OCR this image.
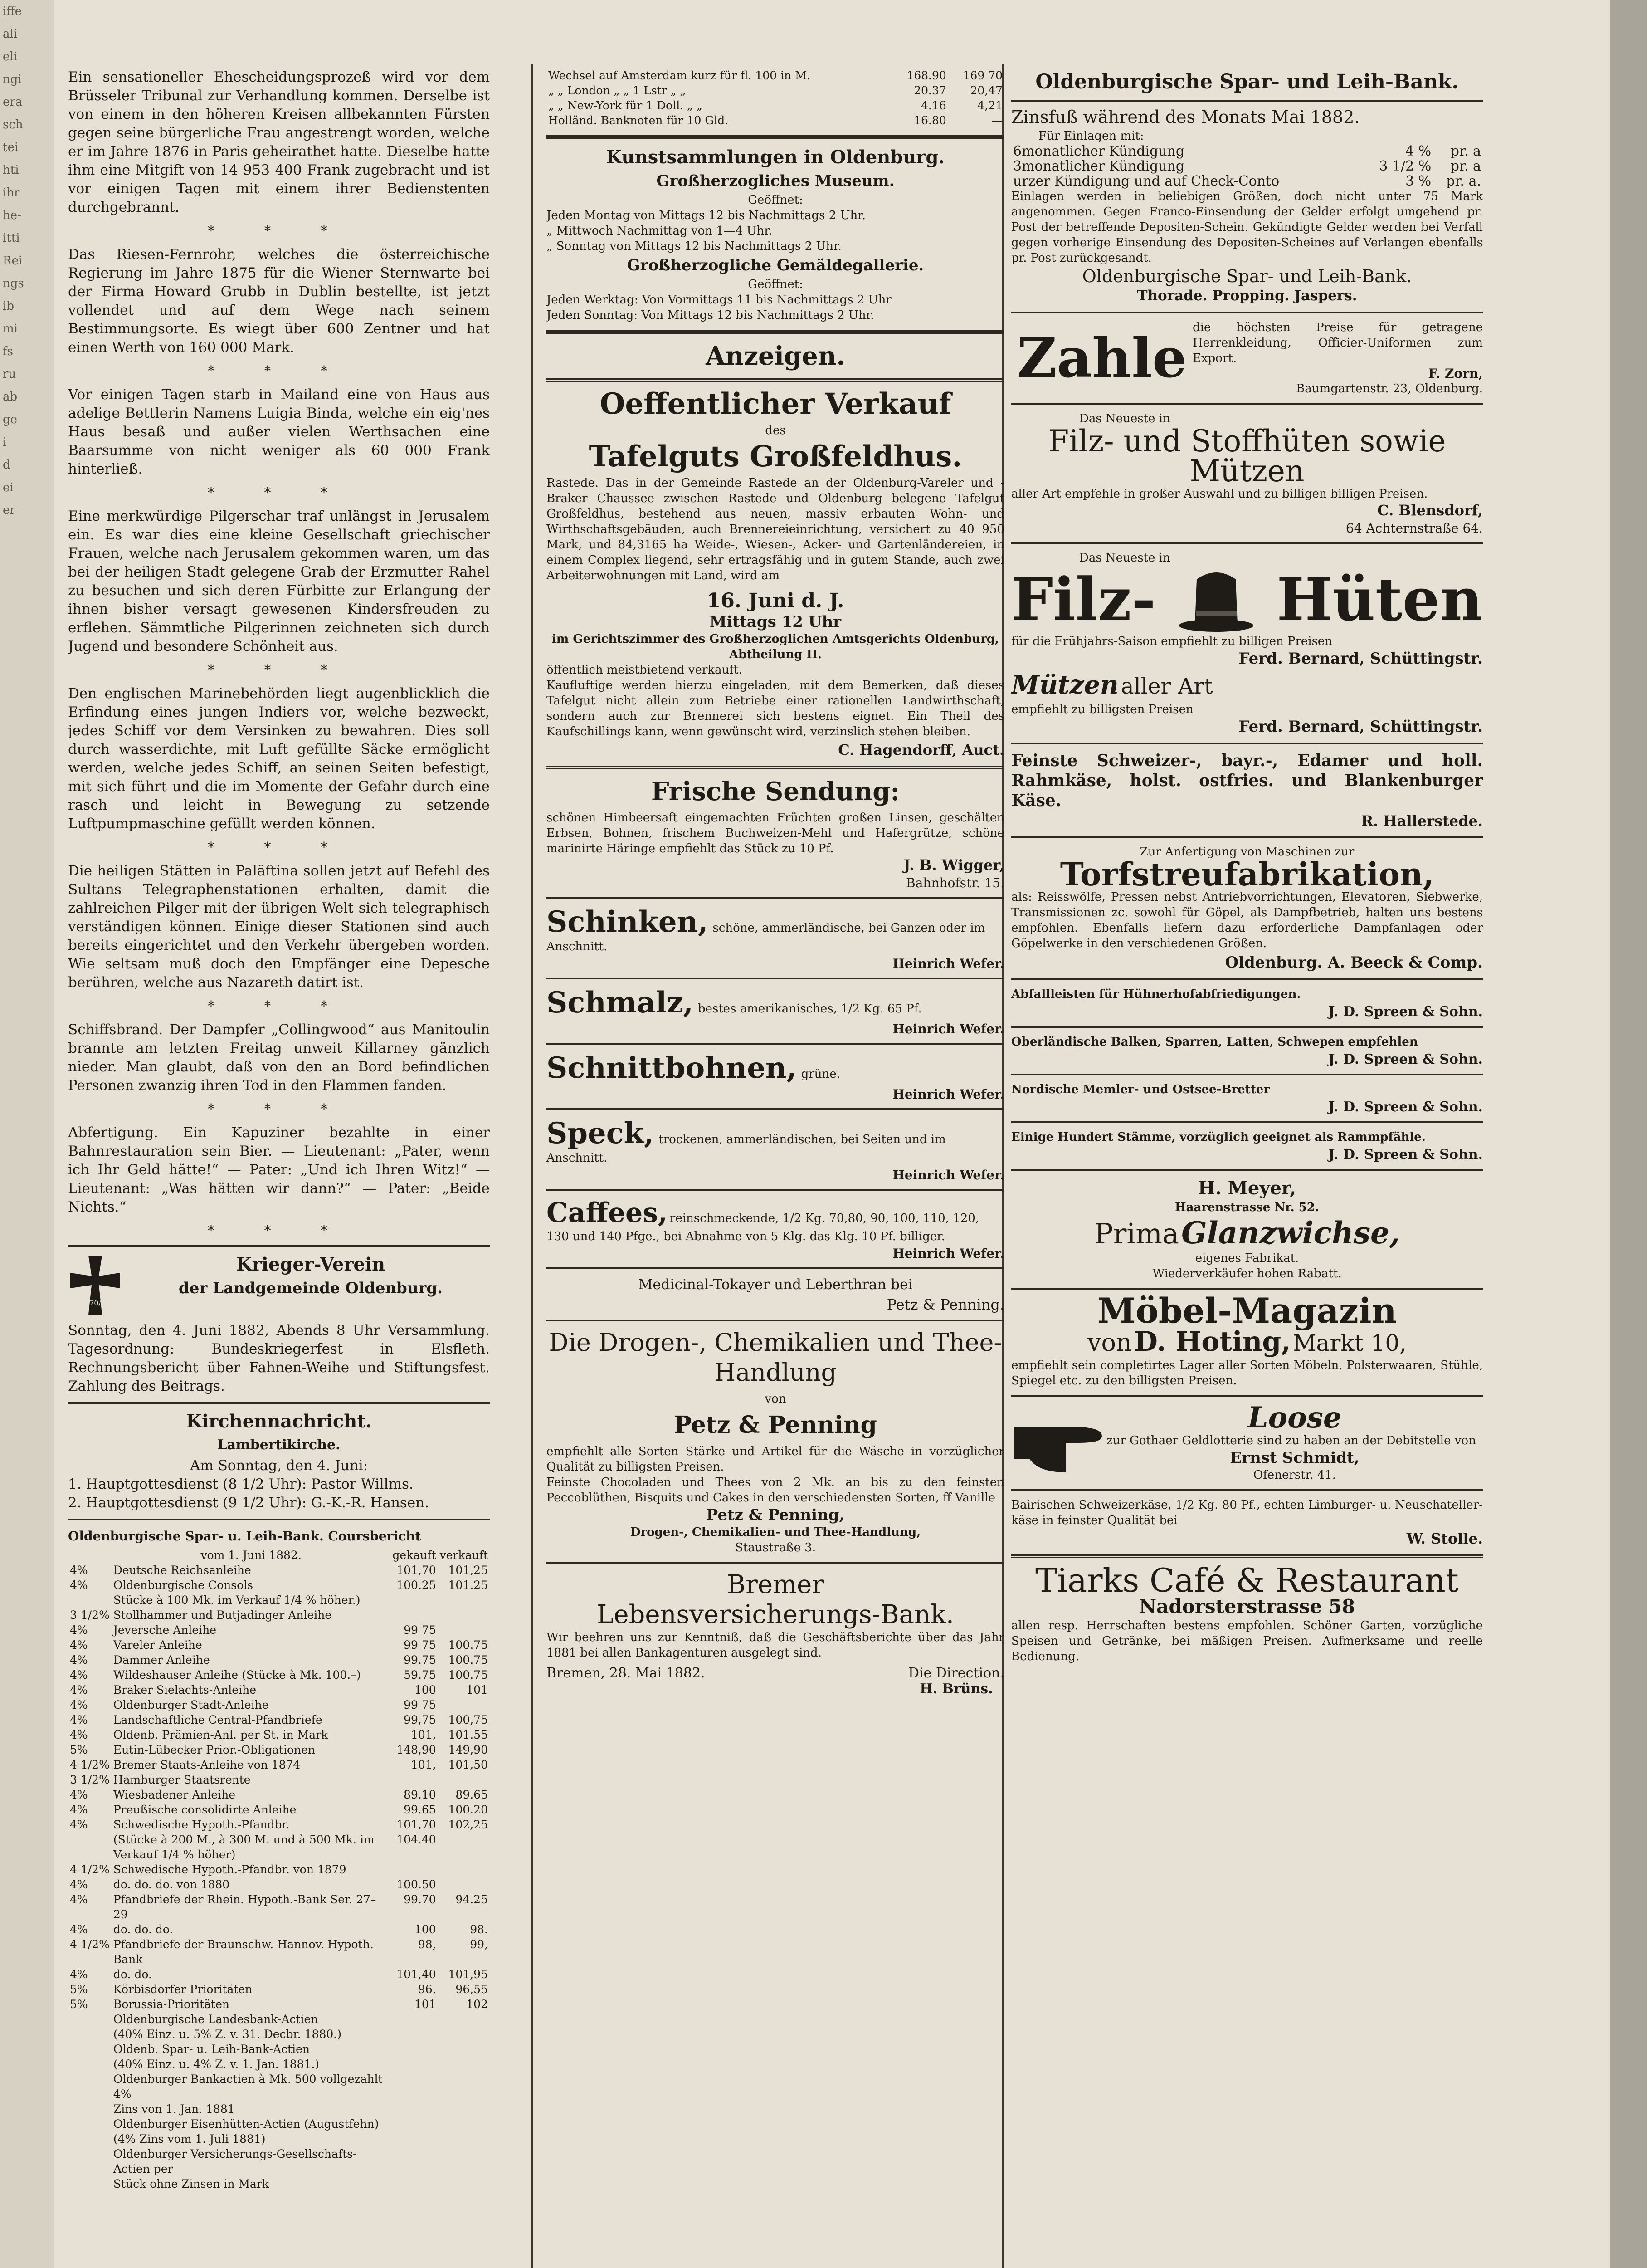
iffe
ali
eli
ngi
era
sch
tei
hti
ihr
he-
itti
Rei
ngs
ib
mi
fs
ru
ab
ge
i
d
ei
er

Ein sensationeller Ehescheidungsprozeß wird vor dem Brüsseler Tribunal zur Verhandlung kommen. Derselbe ist von einem in den höheren Kreisen allbekannten Fürsten gegen seine bürgerliche Frau angestrengt worden, welche er im Jahre 1876 in Paris geheirathet hatte. Dieselbe hatte ihm eine Mitgift von 14 953 400 Frank zugebracht und ist vor einigen Tagen mit einem ihrer Bedienstenten durchgebrannt.

* * *

Das Riesen-Fernrohr, welches die österreichische Regierung im Jahre 1875 für die Wiener Sternwarte bei der Firma Howard Grubb in Dublin bestellte, ist jetzt vollendet und auf dem Wege nach seinem Bestimmungsorte. Es wiegt über 600 Zentner und hat einen Werth von 160 000 Mark.

* * *

Vor einigen Tagen starb in Mailand eine von Haus aus adelige Bettlerin Namens Luigia Binda, welche ein eig'nes Haus besaß und außer vielen Werthsachen eine Baarsumme von nicht weniger als 60 000 Frank hinterließ.

* * *

Eine merkwürdige Pilgerschar traf unlängst in Jerusalem ein. Es war dies eine kleine Gesellschaft griechischer Frauen, welche nach Jerusalem gekommen waren, um das bei der heiligen Stadt gelegene Grab der Erzmutter Rahel zu besuchen und sich deren Fürbitte zur Erlangung der ihnen bisher versagt gewesenen Kindersfreuden zu erflehen. Sämmtliche Pilgerinnen zeichneten sich durch Jugend und besondere Schönheit aus.

* * *

Den englischen Marinebehörden liegt augenblicklich die Erfindung eines jungen Indiers vor, welche bezweckt, jedes Schiff vor dem Versinken zu bewahren. Dies soll durch wasserdichte, mit Luft gefüllte Säcke ermöglicht werden, welche jedes Schiff, an seinen Seiten befestigt, mit sich führt und die im Momente der Gefahr durch eine rasch und leicht in Bewegung zu setzende Luftpumpmaschine gefüllt werden können.

* * *

Die heiligen Stätten in Paläftina sollen jetzt auf Befehl des Sultans Telegraphenstationen erhalten, damit die zahlreichen Pilger mit der übrigen Welt sich telegraphisch verständigen können. Einige dieser Stationen sind auch bereits eingerichtet und den Verkehr übergeben worden. Wie seltsam muß doch den Empfänger eine Depesche berühren, welche aus Nazareth datirt ist.

* * *

Schiffsbrand. Der Dampfer „Collingwood“ aus Manitoulin brannte am letzten Freitag unweit Killarney gänzlich nieder. Man glaubt, daß von den an Bord befindlichen Personen zwanzig ihren Tod in den Flammen fanden.

* * *

Abfertigung. Ein Kapuziner bezahlte in einer Bahnrestauration sein Bier. — Lieutenant: „Pater, wenn ich Ihr Geld hätte!“ — Pater: „Und ich Ihren Witz!“ — Lieutenant: „Was hätten wir dann?“ — Pater: „Beide Nichts.“

* * *
1870/71
Krieger-Verein
der Landgemeinde Oldenburg.

Sonntag, den 4. Juni 1882, Abends 8 Uhr Versammlung. Tagesordnung: Bundeskriegerfest in Elsfleth. Rechnungsbericht über Fahnen-Weihe und Stiftungsfest. Zahlung des Beitrags.

Kirchennachricht.
Lambertikirche.

Am Sonntag, den 4. Juni:

1. Hauptgottesdienst (8 1/2 Uhr): Pastor Willms.

2. Hauptgottesdienst (9 1/2 Uhr): G.-K.-R. Hansen.

Oldenburgische Spar- u. Leih-Bank. Coursbericht
	vom 1. Juni 1882.	gekauft	verkauft
4%	Deutsche Reichsanleihe	101,70	101,25
4%	Oldenburgische Consols	100.25	101.25
	Stücke à 100 Mk. im Verkauf 1/4 % höher.)		
3 1/2%	Stollhammer und Butjadinger Anleihe		
4%	Jeversche Anleihe	99 75	
4%	Vareler Anleihe	99 75	100.75
4%	Dammer Anleihe	99.75	100.75
4%	Wildeshauser Anleihe (Stücke à Mk. 100.–)	59.75	100.75
4%	Braker Sielachts-Anleihe	100	101
4%	Oldenburger Stadt-Anleihe	99 75	
4%	Landschaftliche Central-Pfandbriefe	99,75	100,75
4%	Oldenb. Prämien-Anl. per St. in Mark	101,	101.55
5%	Eutin-Lübecker Prior.-Obligationen	148,90	149,90
4 1/2%	Bremer Staats-Anleihe von 1874	101,	101,50
3 1/2%	Hamburger Staatsrente		
4%	Wiesbadener Anleihe	89.10	89.65
4%	Preußische consolidirte Anleihe	99.65	100.20
4%	Schwedische Hypoth.-Pfandbr.	101,70	102,25
	(Stücke à 200 M., à 300 M. und à 500 Mk. im Verkauf 1/4 % höher)	104.40	
4 1/2%	Schwedische Hypoth.-Pfandbr. von 1879		
4%	do. do. do. von 1880	100.50	
4%	Pfandbriefe der Rhein. Hypoth.-Bank Ser. 27–29	99.70	94.25
4%	do. do. do.	100	98.
4 1/2%	Pfandbriefe der Braunschw.-Hannov. Hypoth.-Bank	98,	99,
4%	do. do.	101,40	101,95
5%	Körbisdorfer Prioritäten	96,	96,55
5%	Borussia-Prioritäten	101	102
	Oldenburgische Landesbank-Actien		
	(40% Einz. u. 5% Z. v. 31. Decbr. 1880.)		
	Oldenb. Spar- u. Leih-Bank-Actien		
	(40% Einz. u. 4% Z. v. 1. Jan. 1881.)		
	Oldenburger Bankactien à Mk. 500 vollgezahlt 4%		
	Zins von 1. Jan. 1881		
	Oldenburger Eisenhütten-Actien (Augustfehn)		
	(4% Zins vom 1. Juli 1881)		
	Oldenburger Versicherungs-Gesellschafts-Actien per		
	Stück ohne Zinsen in Mark		
Wechsel auf Amsterdam kurz für fl. 100 in M.	168.90	169 70
„ „ London „ „ 1 Lstr „ „	20.37	20,47
„ „ New-York für 1 Doll. „ „	4.16	4,21
Holländ. Banknoten für 10 Gld.	16.80	—
Kunstsammlungen in Oldenburg.
Großherzogliches Museum.

Geöffnet:

Jeden Montag von Mittags 12 bis Nachmittags 2 Uhr.

„ Mittwoch Nachmittag von 1—4 Uhr.

„ Sonntag von Mittags 12 bis Nachmittags 2 Uhr.

Großherzogliche Gemäldegallerie.

Geöffnet:

Jeden Werktag: Von Vormittags 11 bis Nachmittags 2 Uhr

Jeden Sonntag: Von Mittags 12 bis Nachmittags 2 Uhr.

Anzeigen.
Oeffentlicher Verkauf

des

Tafelguts Großfeldhus.

Rastede. Das in der Gemeinde Rastede an der Oldenburg-Vareler und -Braker Chaussee zwischen Rastede und Oldenburg belegene Tafelgut Großfeldhus, bestehend aus neuen, massiv erbauten Wohn- und Wirthschaftsgebäuden, auch Brennereieinrichtung, versichert zu 40 950 Mark, und 84,3165 ha Weide-, Wiesen-, Acker- und Gartenländereien, in einem Complex liegend, sehr ertragsfähig und in gutem Stande, auch zwei Arbeiterwohnungen mit Land, wird am

16. Juni d. J.
Mittags 12 Uhr

im Gerichtszimmer des Großherzoglichen Amtsgerichts Oldenburg, Abtheilung II.

öffentlich meistbietend verkauft.

Kaufluftige werden hierzu eingeladen, mit dem Bemerken, daß dieses Tafelgut nicht allein zum Betriebe einer rationellen Landwirthschaft, sondern auch zur Brennerei sich bestens eignet. Ein Theil des Kaufschillings kann, wenn gewünscht wird, verzinslich stehen bleiben.

C. Hagendorff, Auct.
Frische Sendung:

schönen Himbeersaft eingemachten Früchten großen Linsen, geschälten Erbsen, Bohnen, frischem Buchweizen-Mehl und Hafergrütze, schöne marinirte Häringe empfiehlt das Stück zu 10 Pf.

J. B. Wigger,
Bahnhofstr. 15.
Schinken, schöne, ammerländische, bei Ganzen oder im Anschnitt.
Heinrich Wefer.
Schmalz, bestes amerikanisches, 1/2 Kg. 65 Pf.
Heinrich Wefer.
Schnittbohnen, grüne.
Heinrich Wefer.
Speck, trockenen, ammerländischen, bei Seiten und im Anschnitt.
Heinrich Wefer.
Caffees, reinschmeckende, 1/2 Kg. 70,80, 90, 100, 110, 120, 130 und 140 Pfge., bei Abnahme von 5 Klg. das Klg. 10 Pf. billiger.
Heinrich Wefer.

Medicinal-Tokayer und Leberthran bei

Petz & Penning.
Die Drogen-, Chemikalien und Thee-Handlung

von

Petz & Penning

empfiehlt alle Sorten Stärke und Artikel für die Wäsche in vorzüglicher Qualität zu billigsten Preisen.

Feinste Chocoladen und Thees von 2 Mk. an bis zu den feinsten Peccoblüthen, Bisquits und Cakes in den verschiedensten Sorten, ff Vanille

Petz & Penning,

Drogen-, Chemikalien- und Thee-Handlung,

Staustraße 3.

Bremer
Lebensversicherungs-Bank.

Wir beehren uns zur Kenntniß, daß die Geschäftsberichte über das Jahr 1881 bei allen Bankagenturen ausgelegt sind.

Bremen, 28. Mai 1882.	Die Direction.
H. Brüns.
Oldenburgische Spar- und Leih-Bank.

Zinsfuß während des Monats Mai 1882.

Für Einlagen mit:

6monatlicher Kündigung	4 %	pr. a
3monatlicher Kündigung	3 1/2 %	pr. a
urzer Kündigung und auf Check-Conto	3 %	pr. a.

Einlagen werden in beliebigen Größen, doch nicht unter 75 Mark angenommen. Gegen Franco-Einsendung der Gelder erfolgt umgehend pr. Post der betreffende Depositen-Schein. Gekündigte Gelder werden bei Verfall gegen vorherige Einsendung des Depositen-Scheines auf Verlangen ebenfalls pr. Post zurückgesandt.

Oldenburgische Spar- und Leih-Bank.

Thorade. Propping. Jaspers.

Zahle die höchsten Preise für getragene Herrenkleidung, Officier-Uniformen zum Export.

F. Zorn,

Baumgartenstr. 23, Oldenburg.

Das Neueste in

Filz- und Stoffhüten sowie Mützen

aller Art empfehle in großer Auswahl und zu billigen billigen Preisen.

C. Blensdorf,
64 Achternstraße 64.

Das Neueste in

Filz- Hüten

für die Frühjahrs-Saison empfiehlt zu billigen Preisen

Ferd. Bernard, Schüttingstr.
Mützen aller Art

empfiehlt zu billigsten Preisen

Ferd. Bernard, Schüttingstr.

Feinste Schweizer-, bayr.-, Edamer und holl. Rahmkäse, holst. ostfries. und Blankenburger Käse.

R. Hallerstede.

Zur Anfertigung von Maschinen zur

Torfstreufabrikation,

als: Reisswölfe, Pressen nebst Antriebvorrichtungen, Elevatoren, Siebwerke, Transmissionen zc. sowohl für Göpel, als Dampfbetrieb, halten uns bestens empfohlen. Ebenfalls liefern dazu erforderliche Dampfanlagen oder Göpelwerke in den verschiedenen Größen.

Oldenburg. A. Beeck & Comp.

Abfallleisten für Hühnerhofabfriedigungen.

J. D. Spreen & Sohn.

Oberländische Balken, Sparren, Latten, Schwepen empfehlen

J. D. Spreen & Sohn.

Nordische Memler- und Ostsee-Bretter

J. D. Spreen & Sohn.

Einige Hundert Stämme, vorzüglich geeignet als Rammpfähle.

J. D. Spreen & Sohn.
H. Meyer,

Haarenstrasse Nr. 52.

Prima Glanzwichse,

eigenes Fabrikat.

Wiederverkäufer hohen Rabatt.

Möbel-Magazin
von D. Hoting, Markt 10,

empfiehlt sein completirtes Lager aller Sorten Möbeln, Polsterwaaren, Stühle, Spiegel etc. zu den billigsten Preisen.

Loose

zur Gothaer Geldlotterie sind zu haben an der Debitstelle von

Ernst Schmidt,

Ofenerstr. 41.

Bairischen Schweizerkäse, 1/2 Kg. 80 Pf., echten Limburger- u. Neuschateller-käse in feinster Qualität bei

W. Stolle.
Tiarks Café & Restaurant
Nadorsterstrasse 58

allen resp. Herrschaften bestens empfohlen. Schöner Garten, vorzügliche Speisen und Getränke, bei mäßigen Preisen. Aufmerksame und reelle Bedienung.
